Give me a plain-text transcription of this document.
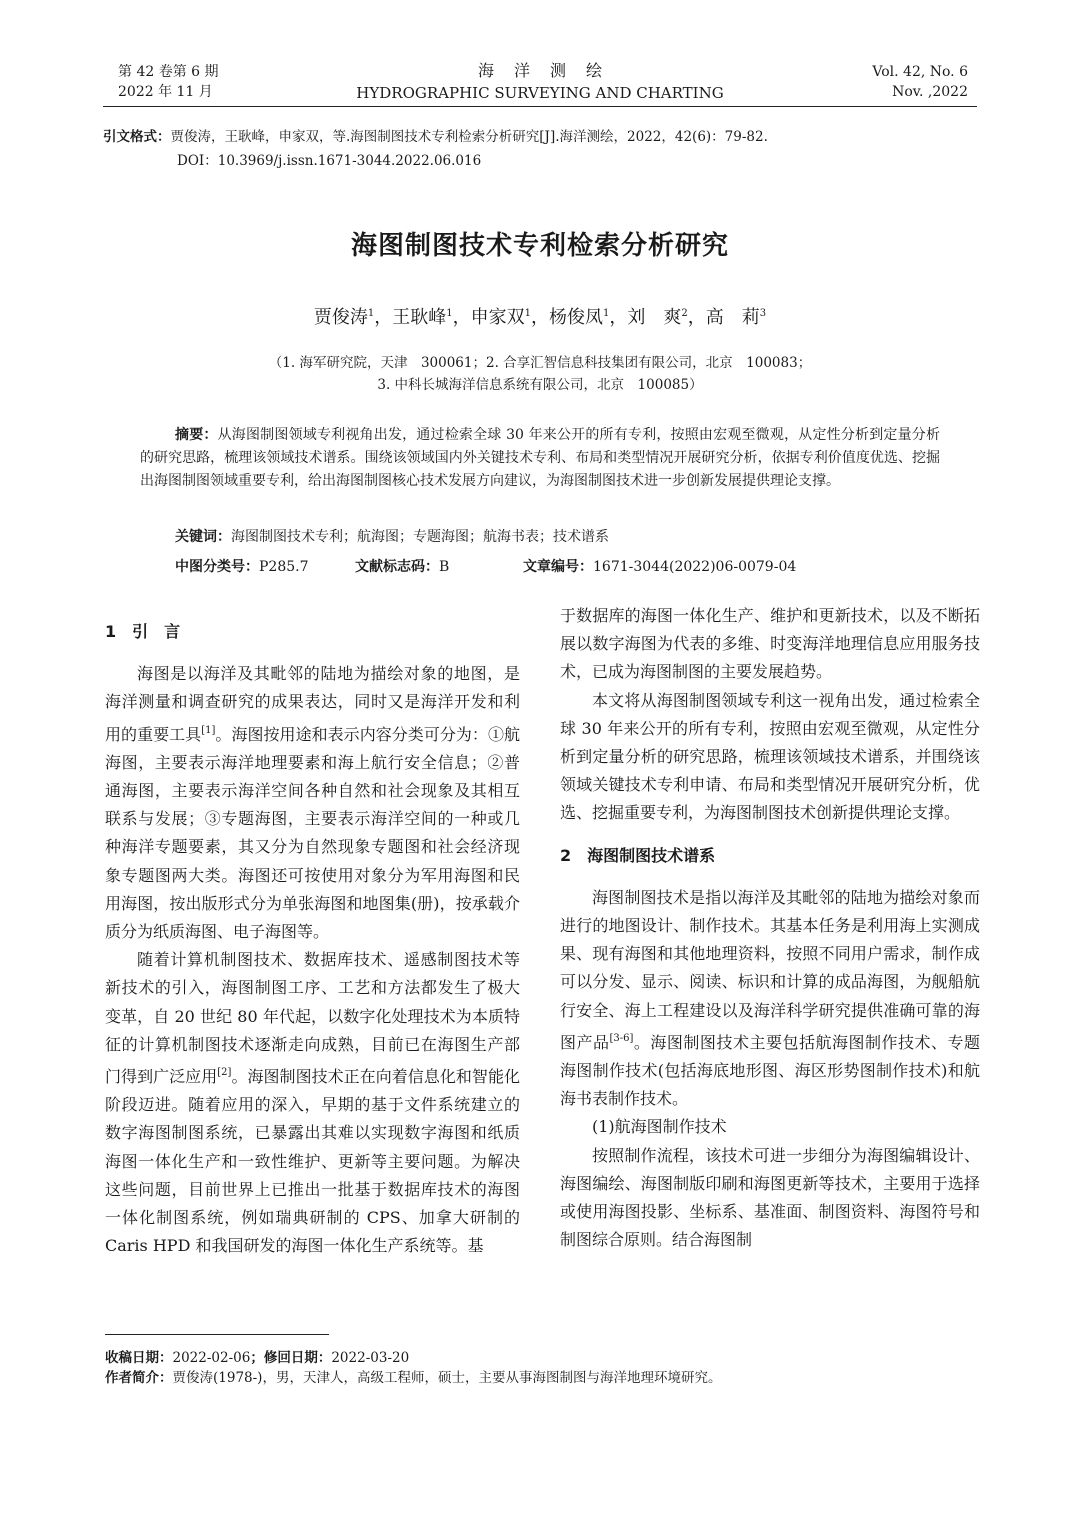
第 42 卷第 6 期
2022 年 11 月
海洋测绘
HYDROGRAPHIC SURVEYING AND CHARTING
Vol. 42, No. 6
Nov. ,2022
引文格式：贾俊涛，王耿峰，申家双，等.海图制图技术专利检索分析研究[J].海洋测绘，2022，42(6)：79-82.
DOI：10.3969/j.issn.1671-3044.2022.06.016
海图制图技术专利检索分析研究
贾俊涛$^1$，王耿峰$^1$，申家双$^1$，杨俊凤$^1$，刘　爽$^2$，高　莉$^3$
（1. 海军研究院，天津　300061；2. 合享汇智信息科技集团有限公司，北京　100083；
3. 中科长城海洋信息系统有限公司，北京　100085）
摘要：从海图制图领域专利视角出发，通过检索全球 30 年来公开的所有专利，按照由宏观至微观，从定性分析到定量分析的研究思路，梳理该领域技术谱系。围绕该领域国内外关键技术专利、布局和类型情况开展研究分析，依据专利价值度优选、挖掘出海图制图领域重要专利，给出海图制图核心技术发展方向建议，为海图制图技术进一步创新发展提供理论支撑。
关键词：海图制图技术专利；航海图；专题海图；航海书表；技术谱系
中图分类号：P285.7	文献标志码：B	文章编号：1671-3044(2022)06-0079-04

1　引　言

海图是以海洋及其毗邻的陆地为描绘对象的地图，是海洋测量和调查研究的成果表达，同时又是海洋开发和利用的重要工具[1]。海图按用途和表示内容分类可分为：①航海图，主要表示海洋地理要素和海上航行安全信息；②普通海图，主要表示海洋空间各种自然和社会现象及其相互联系与发展；③专题海图，主要表示海洋空间的一种或几种海洋专题要素，其又分为自然现象专题图和社会经济现象专题图两大类。海图还可按使用对象分为军用海图和民用海图，按出版形式分为单张海图和地图集(册)，按承载介质分为纸质海图、电子海图等。

随着计算机制图技术、数据库技术、遥感制图技术等新技术的引入，海图制图工序、工艺和方法都发生了极大变革，自 20 世纪 80 年代起，以数字化处理技术为本质特征的计算机制图技术逐渐走向成熟，目前已在海图生产部门得到广泛应用[2]。海图制图技术正在向着信息化和智能化阶段迈进。随着应用的深入，早期的基于文件系统建立的数字海图制图系统，已暴露出其难以实现数字海图和纸质海图一体化生产和一致性维护、更新等主要问题。为解决这些问题，目前世界上已推出一批基于数据库技术的海图一体化制图系统，例如瑞典研制的 CPS、加拿大研制的 Caris HPD 和我国研发的海图一体化生产系统等。基

于数据库的海图一体化生产、维护和更新技术，以及不断拓展以数字海图为代表的多维、时变海洋地理信息应用服务技术，已成为海图制图的主要发展趋势。

本文将从海图制图领域专利这一视角出发，通过检索全球 30 年来公开的所有专利，按照由宏观至微观，从定性分析到定量分析的研究思路，梳理该领域技术谱系，并围绕该领域关键技术专利申请、布局和类型情况开展研究分析，优选、挖掘重要专利，为海图制图技术创新提供理论支撑。

2　海图制图技术谱系

海图制图技术是指以海洋及其毗邻的陆地为描绘对象而进行的地图设计、制作技术。其基本任务是利用海上实测成果、现有海图和其他地理资料，按照不同用户需求，制作成可以分发、显示、阅读、标识和计算的成品海图，为舰船航行安全、海上工程建设以及海洋科学研究提供准确可靠的海图产品[3-6]。海图制图技术主要包括航海图制作技术、专题海图制作技术(包括海底地形图、海区形势图制作技术)和航海书表制作技术。

(1)航海图制作技术

按照制作流程，该技术可进一步细分为海图编辑设计、海图编绘、海图制版印刷和海图更新等技术，主要用于选择或使用海图投影、坐标系、基准面、制图资料、海图符号和制图综合原则。结合海图制

收稿日期：2022-02-06；修回日期：2022-03-20
作者简介：贾俊涛(1978-)，男，天津人，高级工程师，硕士，主要从事海图制图与海洋地理环境研究。
